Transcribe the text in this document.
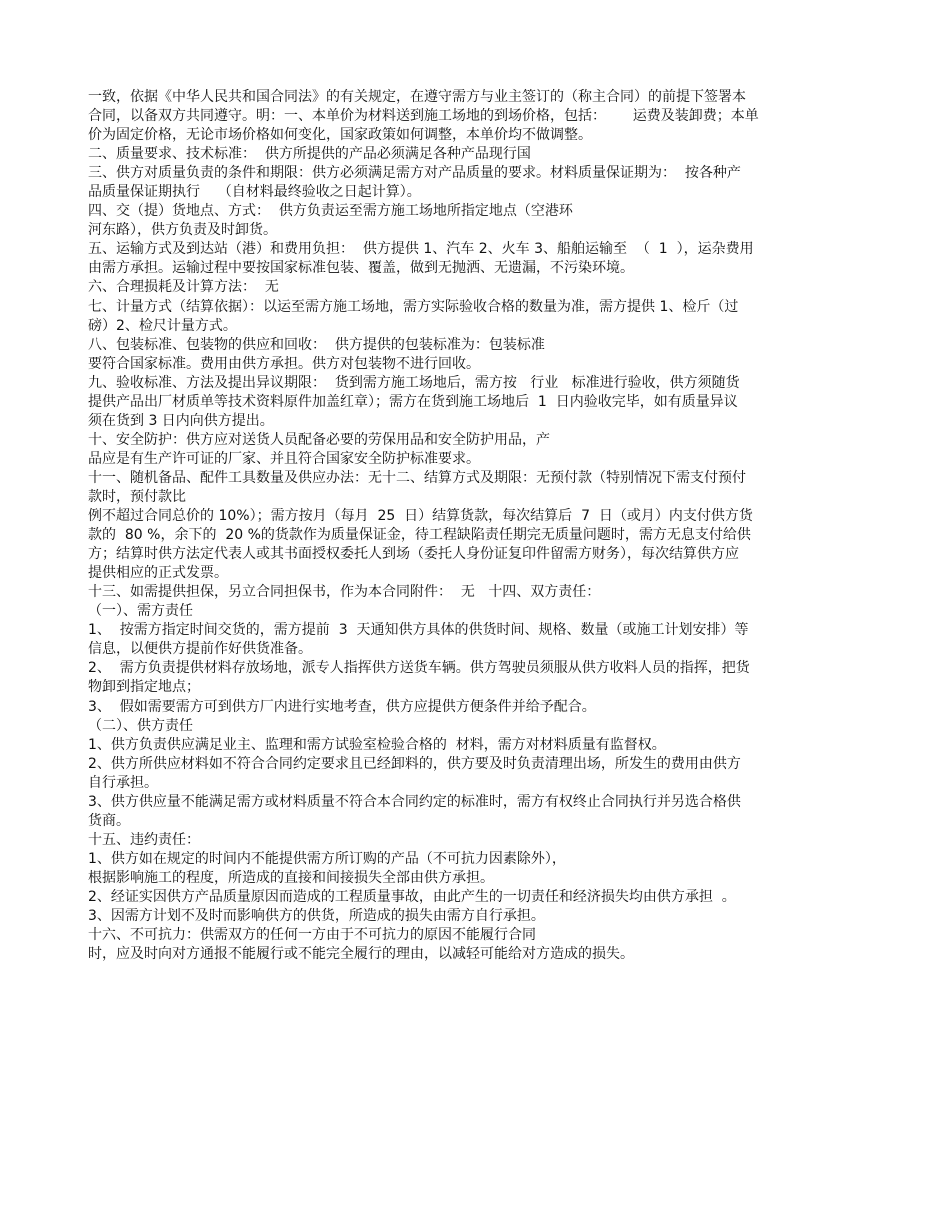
一致，依据《中华人民共和国合同法》的有关规定，在遵守需方与业主签订的（称主合同）的前提下签署本
合同，以备双方共同遵守。明：一、本单价为材料送到施工场地的到场价格，包括：      运费及装卸费；本单
价为固定价格，无论市场价格如何变化，国家政策如何调整，本单价均不做调整。
二、质量要求、技术标准：  供方所提供的产品必须满足各种产品现行国
三、供方对质量负责的条件和期限：供方必须满足需方对产品质量的要求。材料质量保证期为：  按各种产
品质量保证期执行    （自材料最终验收之日起计算）。
四、交（提）货地点、方式：  供方负责运至需方施工场地所指定地点（空港环
河东路），供方负责及时卸货。
五、运输方式及到达站（港）和费用负担：  供方提供 1、汽车 2、火车 3、船舶运输至  （  1  ），运杂费用
由需方承担。运输过程中要按国家标准包装、覆盖，做到无抛洒、无遗漏，不污染环境。
六、合理损耗及计算方法：  无
七、计量方式（结算依据）：以运至需方施工场地，需方实际验收合格的数量为准，需方提供 1、检斤（过
磅）2、检尺计量方式。
八、包装标准、包装物的供应和回收：  供方提供的包装标准为：包装标准
要符合国家标准。费用由供方承担。供方对包装物不进行回收。
九、验收标准、方法及提出异议期限：  货到需方施工场地后，需方按   行业   标准进行验收，供方须随货
提供产品出厂材质单等技术资料原件加盖红章）；需方在货到施工场地后  1  日内验收完毕，如有质量异议
须在货到 3 日内向供方提出。
十、安全防护：供方应对送货人员配备必要的劳保用品和安全防护用品，产
品应是有生产许可证的厂家、并且符合国家安全防护标准要求。
十一、随机备品、配件工具数量及供应办法：无十二、结算方式及期限：无预付款（特别情况下需支付预付
款时，预付款比
例不超过合同总价的 10%）；需方按月（每月  25  日）结算货款，每次结算后  7  日（或月）内支付供方货
款的  80 %，余下的  20 %的货款作为质量保证金，待工程缺陷责任期完无质量问题时，需方无息支付给供
方；结算时供方法定代表人或其书面授权委托人到场（委托人身份证复印件留需方财务），每次结算供方应
提供相应的正式发票。
十三、如需提供担保，另立合同担保书，作为本合同附件：  无   十四、双方责任：
（一）、需方责任
1、  按需方指定时间交货的，需方提前  3  天通知供方具体的供货时间、规格、数量（或施工计划安排）等
信息，以便供方提前作好供货准备。
2、  需方负责提供材料存放场地，派专人指挥供方送货车辆。供方驾驶员须服从供方收料人员的指挥，把货
物卸到指定地点；
3、  假如需要需方可到供方厂内进行实地考查，供方应提供方便条件并给予配合。
（二）、供方责任
1、供方负责供应满足业主、监理和需方试验室检验合格的  材料，需方对材料质量有监督权。
2、供方所供应材料如不符合合同约定要求且已经卸料的，供方要及时负责清理出场，所发生的费用由供方
自行承担。
3、供方供应量不能满足需方或材料质量不符合本合同约定的标准时，需方有权终止合同执行并另选合格供
货商。
十五、违约责任：
1、供方如在规定的时间内不能提供需方所订购的产品（不可抗力因素除外），
根据影响施工的程度，所造成的直接和间接损失全部由供方承担。
2、经证实因供方产品质量原因而造成的工程质量事故，由此产生的一切责任和经济损失均由供方承担  。
3、因需方计划不及时而影响供方的供货，所造成的损失由需方自行承担。
十六、不可抗力：供需双方的任何一方由于不可抗力的原因不能履行合同
时，应及时向对方通报不能履行或不能完全履行的理由，以减轻可能给对方造成的损失。
